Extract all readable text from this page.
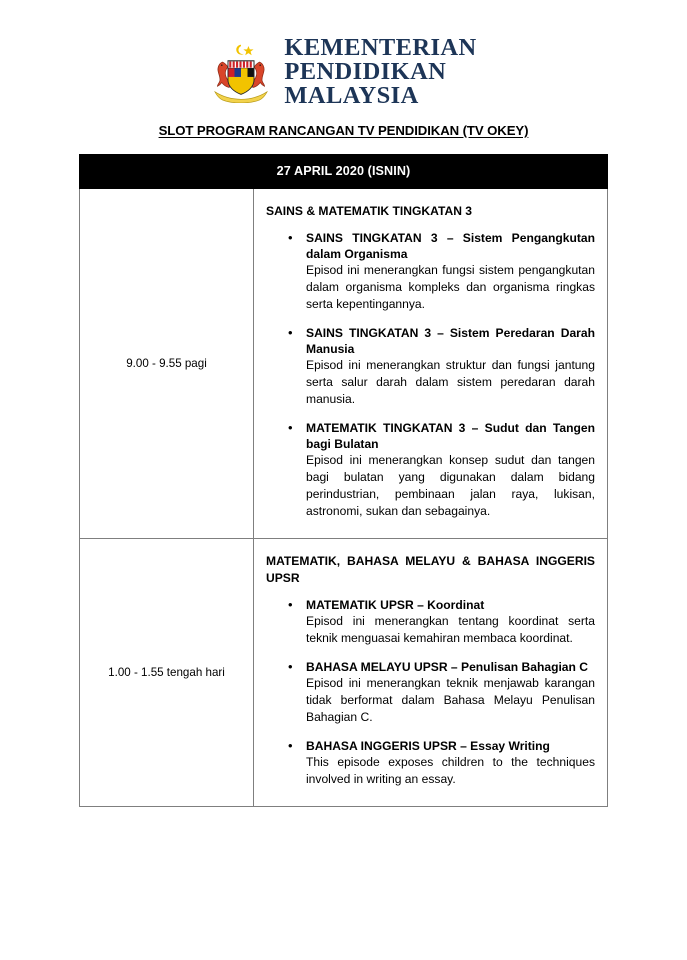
KEMENTERIAN
PENDIDIKAN
MALAYSIA
SLOT PROGRAM RANCANGAN TV PENDIDIKAN (TV OKEY)
27 APRIL 2020 (ISNIN)	
9.00 - 9.55 pagi	
SAINS & MATEMATIK TINGKATAN 3
• SAINS TINGKATAN 3 – Sistem Pengangkutan dalam Organisma
Episod ini menerangkan fungsi sistem pengangkutan dalam organisma kompleks dan organisma ringkas serta kepentingannya.
• SAINS TINGKATAN 3 – Sistem Peredaran Darah Manusia
Episod ini menerangkan struktur dan fungsi jantung serta salur darah dalam sistem peredaran darah manusia.
• MATEMATIK TINGKATAN 3 – Sudut dan Tangen bagi Bulatan
Episod ini menerangkan konsep sudut dan tangen bagi bulatan yang digunakan dalam bidang perindustrian, pembinaan jalan raya, lukisan, astronomi, sukan dan sebagainya.

1.00 - 1.55 tengah hari	
MATEMATIK, BAHASA MELAYU & BAHASA INGGERIS UPSR
• MATEMATIK UPSR – Koordinat
Episod ini menerangkan tentang koordinat serta teknik menguasai kemahiran membaca koordinat.
• BAHASA MELAYU UPSR – Penulisan Bahagian C
Episod ini menerangkan teknik menjawab karangan tidak berformat dalam Bahasa Melayu Penulisan Bahagian C.
• BAHASA INGGERIS UPSR – Essay Writing
This episode exposes children to the techniques involved in writing an essay.
